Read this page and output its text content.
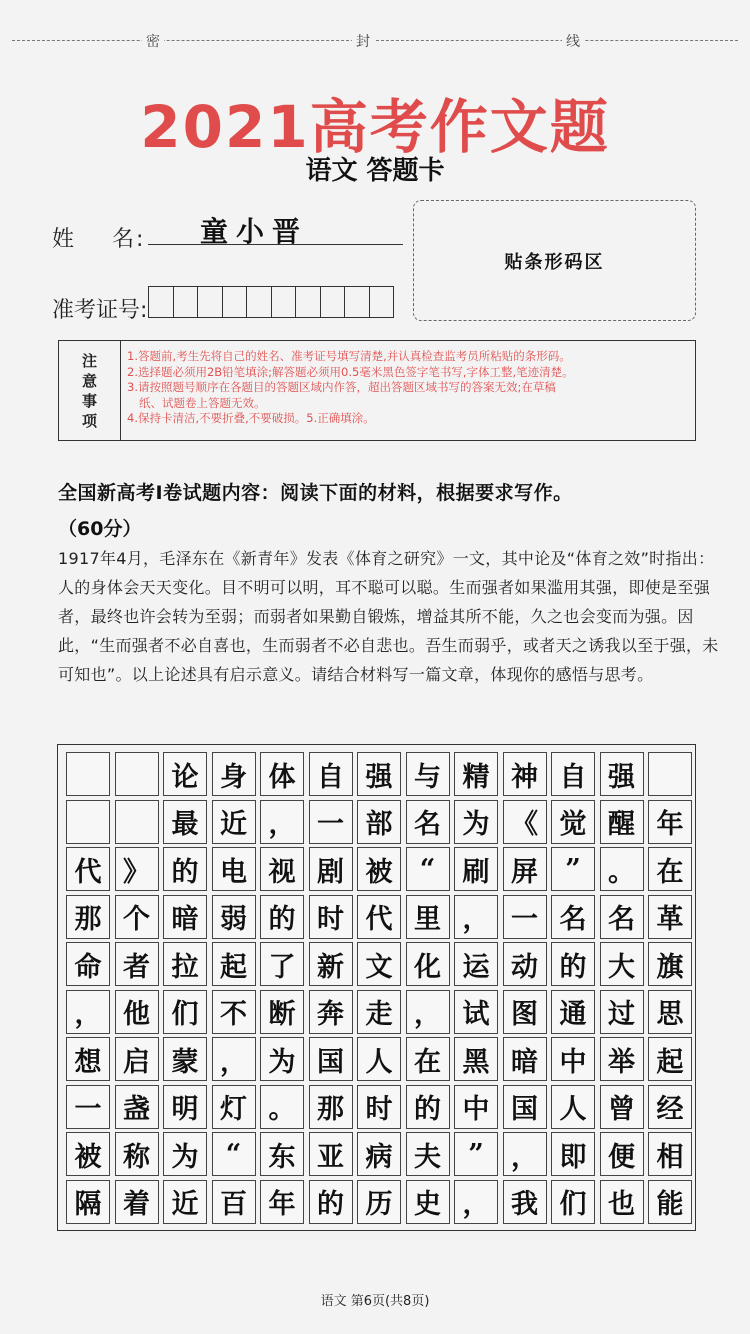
密	封	线
2021高考作文题
语文 答题卡
姓    名: 童小晋
准考证号:
贴条形码区
注
意
事
项
1.答题前,考生先将自己的姓名、准考证号填写清楚,并认真检查监考员所粘贴的条形码。
2.选择题必须用2B铅笔填涂;解答题必须用0.5毫米黑色签字笔书写,字体工整,笔迹清楚。
3.请按照题号顺序在各题目的答题区域内作答，超出答题区域书写的答案无效;在草稿
纸、试题卷上答题无效。
4.保持卡清洁,不要折叠,不要破损。5.正确填涂。
全国新高考Ⅰ卷试题内容：阅读下面的材料，根据要求写作。
（60分）
1917年4月，毛泽东在《新青年》发表《体育之研究》一文，其中论及“体育之效”时指出：人的身体会天天变化。目不明可以明，耳不聪可以聪。生而强者如果滥用其强，即使是至强者，最终也许会转为至弱；而弱者如果勤自锻炼，增益其所不能，久之也会变而为强。因此，“生而强者不必自喜也，生而弱者不必自悲也。吾生而弱乎，或者天之诱我以至于强，未可知也”。以上论述具有启示意义。请结合材料写一篇文章，体现你的感悟与思考。
论 身 体 自 强 与 精 神 自 强
最 近 ， 一 部 名 为 《 觉 醒 年
代 》 的 电 视 剧 被	“	刷 屏	”	。 在
那 个 暗 弱 的 时 代 里 ， 一 名 名 革
命 者 拉 起 了 新 文 化 运 动 的 大 旗
， 他 们 不 断 奔 走 ， 试 图 通 过 思
想 启 蒙 ， 为 国 人 在 黑 暗 中 举 起
一 盏 明 灯 。 那 时 的 中 国 人 曾 经
被 称 为	“	东 亚 病 夫	”	， 即 便 相
隔 着 近 百 年 的 历 史 ， 我 们 也 能
语文 第6页(共8页)
